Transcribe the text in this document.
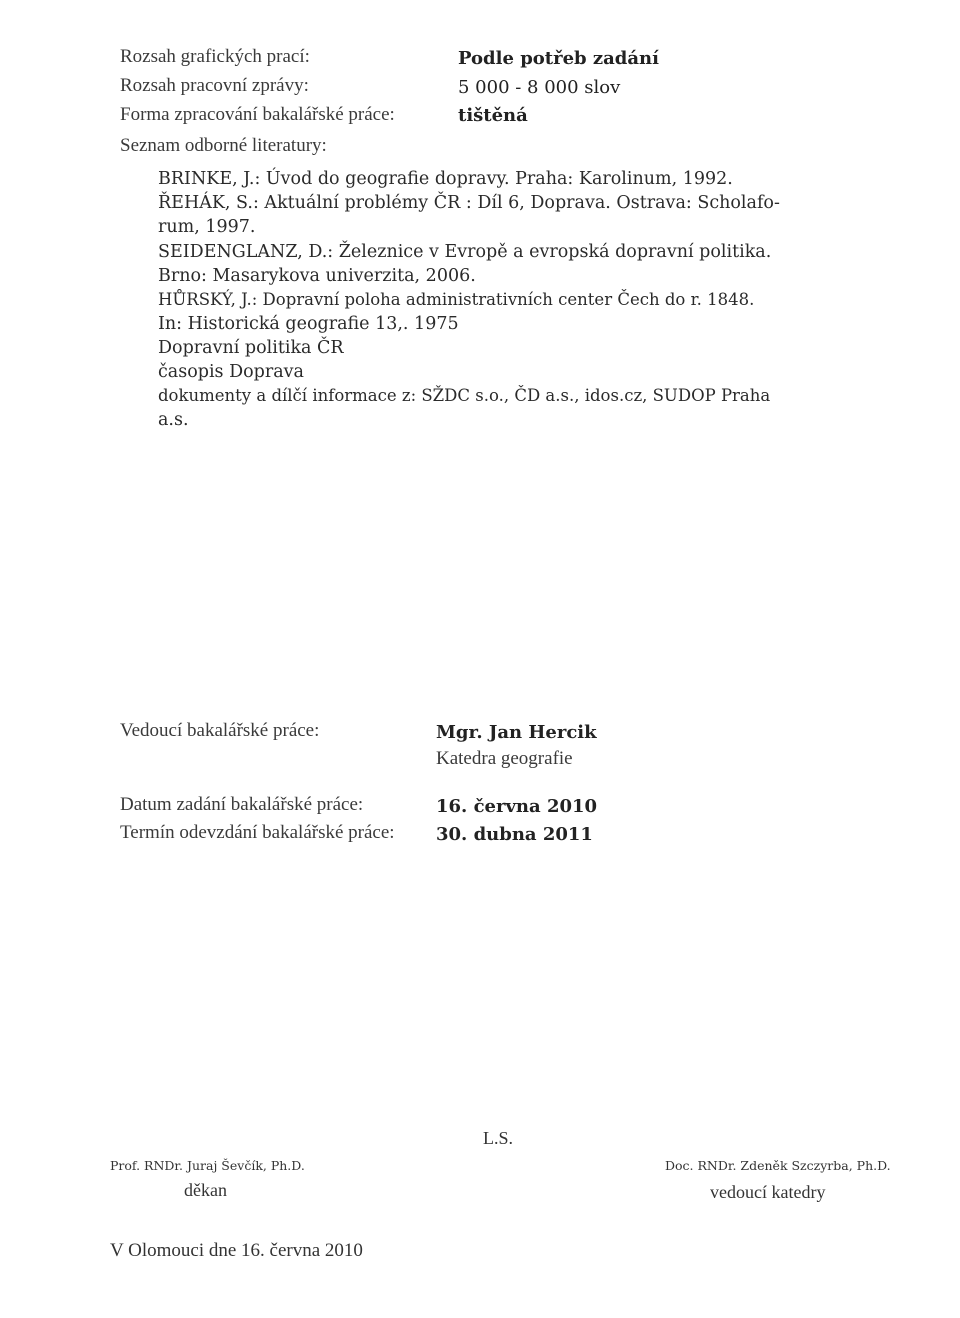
Rozsah grafických prací:	Podle potřeb zadání
Rozsah pracovní zprávy:	5 000 - 8 000 slov
Forma zpracování bakalářské práce:	tištěná
Seznam odborné literatury:
BRINKE, J.: Úvod do geografie dopravy. Praha: Karolinum, 1992.
ŘEHÁK, S.: Aktuální problémy ČR : Díl 6, Doprava. Ostrava: Scholafo-
rum, 1997.
SEIDENGLANZ, D.: Železnice v Evropě a evropská dopravní politika.
Brno: Masarykova univerzita, 2006.
HŮRSKÝ, J.: Dopravní poloha administrativních center Čech do r. 1848.
In: Historická geografie 13,. 1975
Dopravní politika ČR
časopis Doprava
dokumenty a dílčí informace z: SŽDC s.o., ČD a.s., idos.cz, SUDOP Praha
a.s.
Vedoucí bakalářské práce:	Mgr. Jan Hercik
Katedra geografie
Datum zadání bakalářské práce:	16. června 2010
Termín odevzdání bakalářské práce: 30. dubna 2011
L.S.
Prof. RNDr. Juraj Ševčík, Ph.D.
děkan
Doc. RNDr. Zdeněk Szczyrba, Ph.D.
vedoucí katedry
V Olomouci dne 16. června 2010
